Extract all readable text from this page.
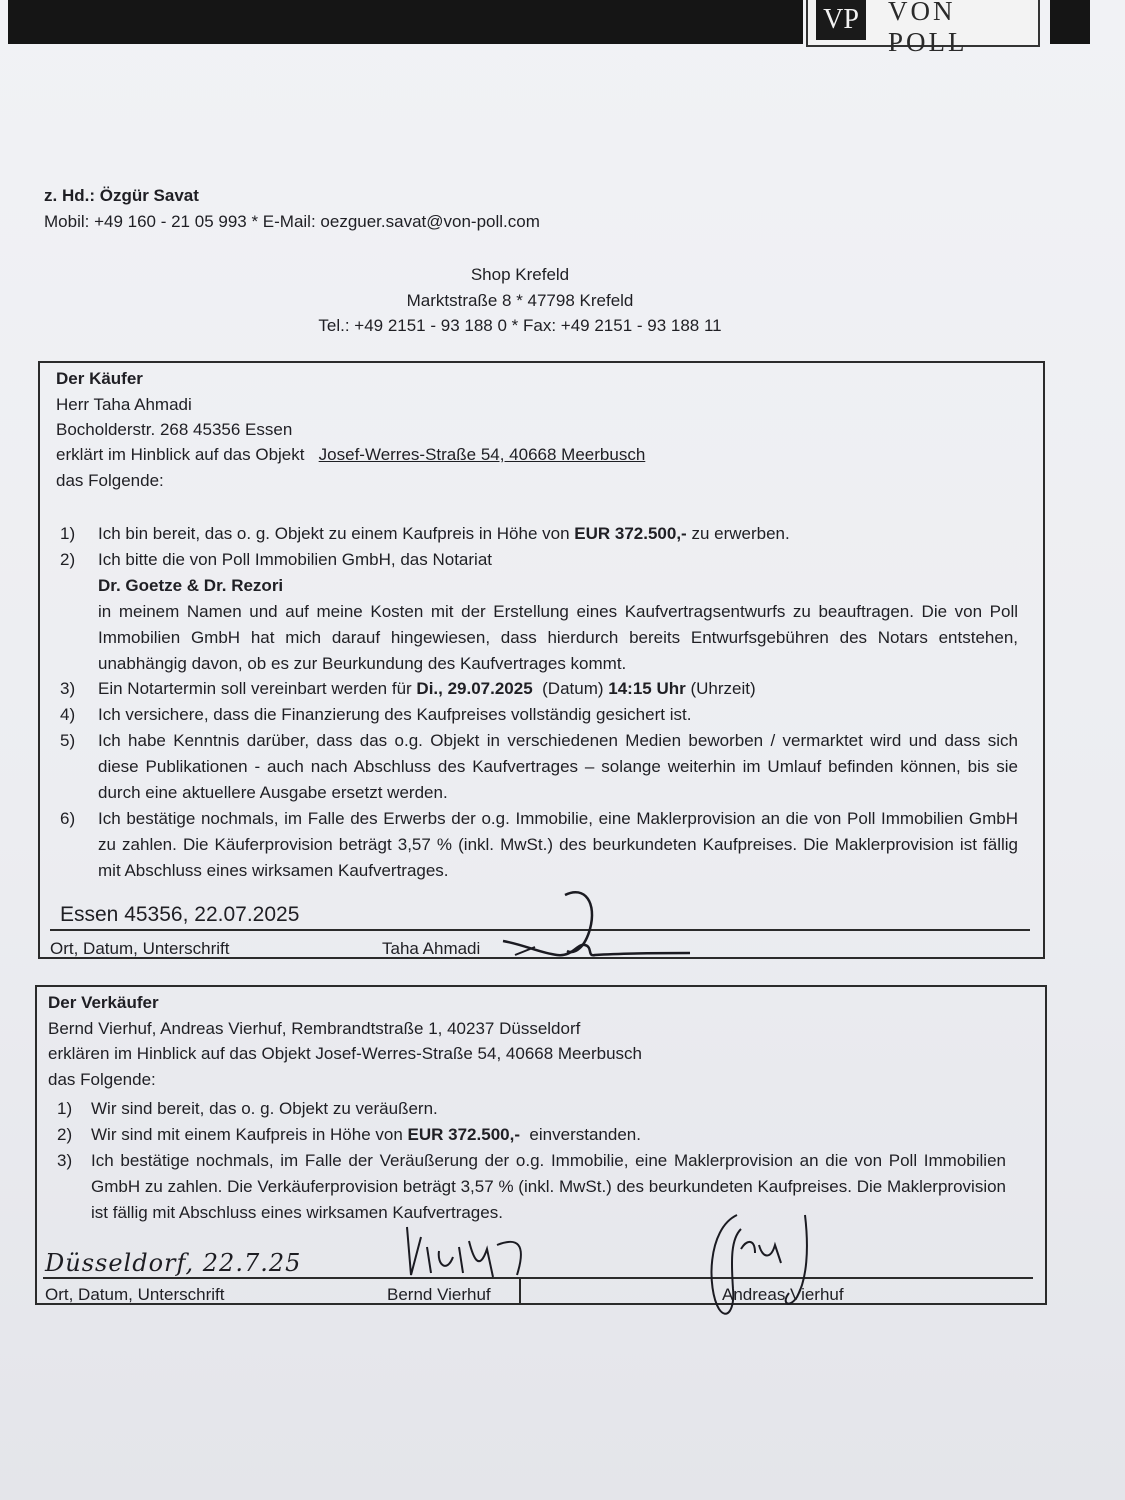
VP VON POLL
z. Hd.: Özgür Savat
Mobil: +49 160 - 21 05 993 * E-Mail: oezguer.savat@von-poll.com
Shop Krefeld
Marktstraße 8 * 47798 Krefeld
Tel.: +49 2151 - 93 188 0 * Fax: +49 2151 - 93 188 11
Der Käufer
Herr Taha Ahmadi
Bocholderstr. 268 45356 Essen
erklärt im Hinblick auf das Objekt Josef-Werres-Straße 54, 40668 Meerbusch
das Folgende:
1)	Ich bin bereit, das o. g. Objekt zu einem Kaufpreis in Höhe von EUR 372.500,- zu erwerben.
2)	Ich bitte die von Poll Immobilien GmbH, das Notariat
Dr. Goetze & Dr. Rezori
in meinem Namen und auf meine Kosten mit der Erstellung eines Kaufvertragsentwurfs zu beauftragen. Die von Poll Immobilien GmbH hat mich darauf hingewiesen, dass hierdurch bereits Entwurfsgebühren des Notars entstehen, unabhängig davon, ob es zur Beurkundung des Kaufvertrages kommt.
3)	Ein Notartermin soll vereinbart werden für Di., 29.07.2025  (Datum) 14:15 Uhr (Uhrzeit)
4)	Ich versichere, dass die Finanzierung des Kaufpreises vollständig gesichert ist.
5)	Ich habe Kenntnis darüber, dass das o.g. Objekt in verschiedenen Medien beworben / vermarktet wird und dass sich diese Publikationen - auch nach Abschluss des Kaufvertrages – solange weiterhin im Umlauf befinden können, bis sie durch eine aktuellere Ausgabe ersetzt werden.
6)	Ich bestätige nochmals, im Falle des Erwerbs der o.g. Immobilie, eine Maklerprovision an die von Poll Immobilien GmbH zu zahlen. Die Käuferprovision beträgt 3,57 % (inkl. MwSt.) des beurkundeten Kaufpreises. Die Maklerprovision ist fällig mit Abschluss eines wirksamen Kaufvertrages.
Essen 45356, 22.07.2025
Ort, Datum, Unterschrift	Taha Ahmadi
Der Verkäufer
Bernd Vierhuf, Andreas Vierhuf, Rembrandtstraße 1, 40237 Düsseldorf
erklären im Hinblick auf das Objekt Josef-Werres-Straße 54, 40668 Meerbusch
das Folgende:
1)	Wir sind bereit, das o. g. Objekt zu veräußern.
2)	Wir sind mit einem Kaufpreis in Höhe von EUR 372.500,-  einverstanden.
3)	Ich bestätige nochmals, im Falle der Veräußerung der o.g. Immobilie, eine Maklerprovision an die von Poll Immobilien GmbH zu zahlen. Die Verkäuferprovision beträgt 3,57 % (inkl. MwSt.) des beurkundeten Kaufpreises. Die Maklerprovision ist fällig mit Abschluss eines wirksamen Kaufvertrages.
Düsseldorf, 22.7.25
Ort, Datum, Unterschrift	Bernd Vierhuf	Andreas Vierhuf
